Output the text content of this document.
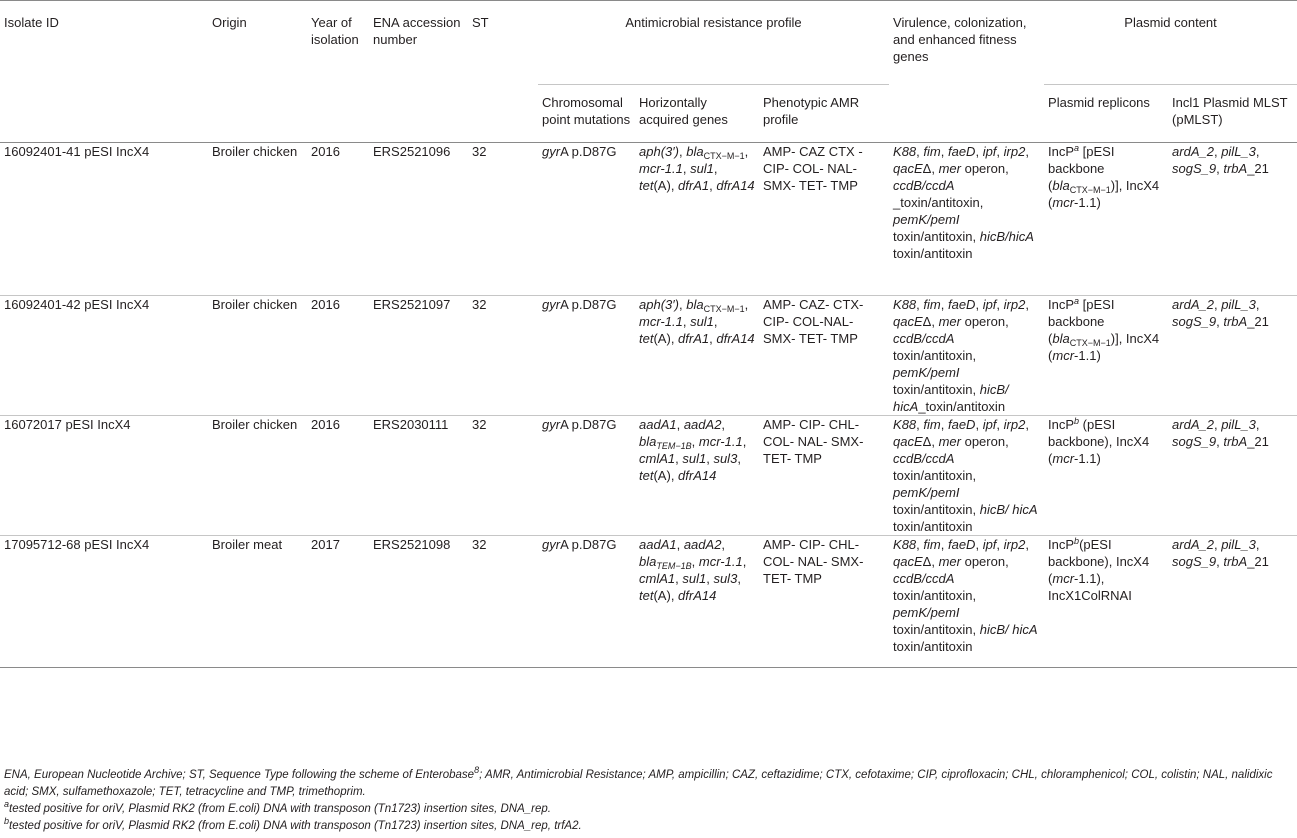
Isolate ID	Origin	Year of isolation	ENA accession number	ST	Antimicrobial resistance profile			Virulence, colonization, and enhanced fitness genes	Plasmid content	
					Chromosomal point mutations	Horizontally acquired genes	Phenotypic AMR profile		Plasmid replicons	Incl1 Plasmid MLST (pMLST)
16092401-41 pESI IncX4	Broiler chicken	2016	ERS2521096	32	gyrA p.D87G	aph(3′), bla$_{CTX-M-1}$, mcr-1.1, sul1, tet(A), dfrA1, dfrA14	AMP- CAZ CTX - CIP- COL- NAL- SMX- TET- TMP	K88, fim, faeD, ipf, irp2, qacEΔ, mer operon, ccdB/ccdA _toxin/antitoxin, pemK/pemI toxin/antitoxin, hicB/hicA toxin/antitoxin	IncP$^a$ [pESI backbone (bla$_{CTX-M-1}$)], IncX4 (mcr-1.1)	ardA_2, pilL_3, sogS_9, trbA_21
16092401-42 pESI IncX4	Broiler chicken	2016	ERS2521097	32	gyrA p.D87G	aph(3′), bla$_{CTX-M-1}$, mcr-1.1, sul1, tet(A), dfrA1, dfrA14	AMP- CAZ- CTX- CIP- COL-NAL-SMX- TET- TMP	K88, fim, faeD, ipf, irp2, qacEΔ, mer operon, ccdB/ccdA toxin/antitoxin, pemK/pemI toxin/antitoxin, hicB/ hicA_toxin/antitoxin	IncP$^a$ [pESI backbone (bla$_{CTX-M-1}$)], IncX4 (mcr-1.1)	ardA_2, pilL_3, sogS_9, trbA_21
16072017 pESI IncX4	Broiler chicken	2016	ERS2030111	32	gyrA p.D87G	aadA1, aadA2, bla$_{TEM-1B}$, mcr-1.1, cmlA1, sul1, sul3, tet(A), dfrA14	AMP- CIP- CHL- COL- NAL- SMX- TET- TMP	K88, fim, faeD, ipf, irp2, qacEΔ, mer operon, ccdB/ccdA toxin/antitoxin, pemK/pemI toxin/antitoxin, hicB/ hicA toxin/antitoxin	IncP$^b$ (pESI backbone), IncX4 (mcr-1.1)	ardA_2, pilL_3, sogS_9, trbA_21
17095712-68 pESI IncX4	Broiler meat	2017	ERS2521098	32	gyrA p.D87G	aadA1, aadA2, bla$_{TEM-1B}$, mcr-1.1, cmlA1, sul1, sul3, tet(A), dfrA14	AMP- CIP- CHL- COL- NAL- SMX- TET- TMP	K88, fim, faeD, ipf, irp2, qacEΔ, mer operon, ccdB/ccdA toxin/antitoxin, pemK/pemI toxin/antitoxin, hicB/ hicA toxin/antitoxin	IncP$^b$(pESI backbone), IncX4 (mcr-1.1), IncX1ColRNAI	ardA_2, pilL_3, sogS_9, trbA_21

ENA, European Nucleotide Archive; ST, Sequence Type following the scheme of Enterobase$^8$; AMR, Antimicrobial Resistance; AMP, ampicillin; CAZ, ceftazidime; CTX, cefotaxime; CIP, ciprofloxacin; CHL, chloramphenicol; COL, colistin; NAL, nalidixic acid; SMX, sulfamethoxazole; TET, tetracycline and TMP, trimethoprim.

$^a$tested positive for oriV, Plasmid RK2 (from E.coli) DNA with transposon (Tn1723) insertion sites, DNA_rep.

$^b$tested positive for oriV, Plasmid RK2 (from E.coli) DNA with transposon (Tn1723) insertion sites, DNA_rep, trfA2.
